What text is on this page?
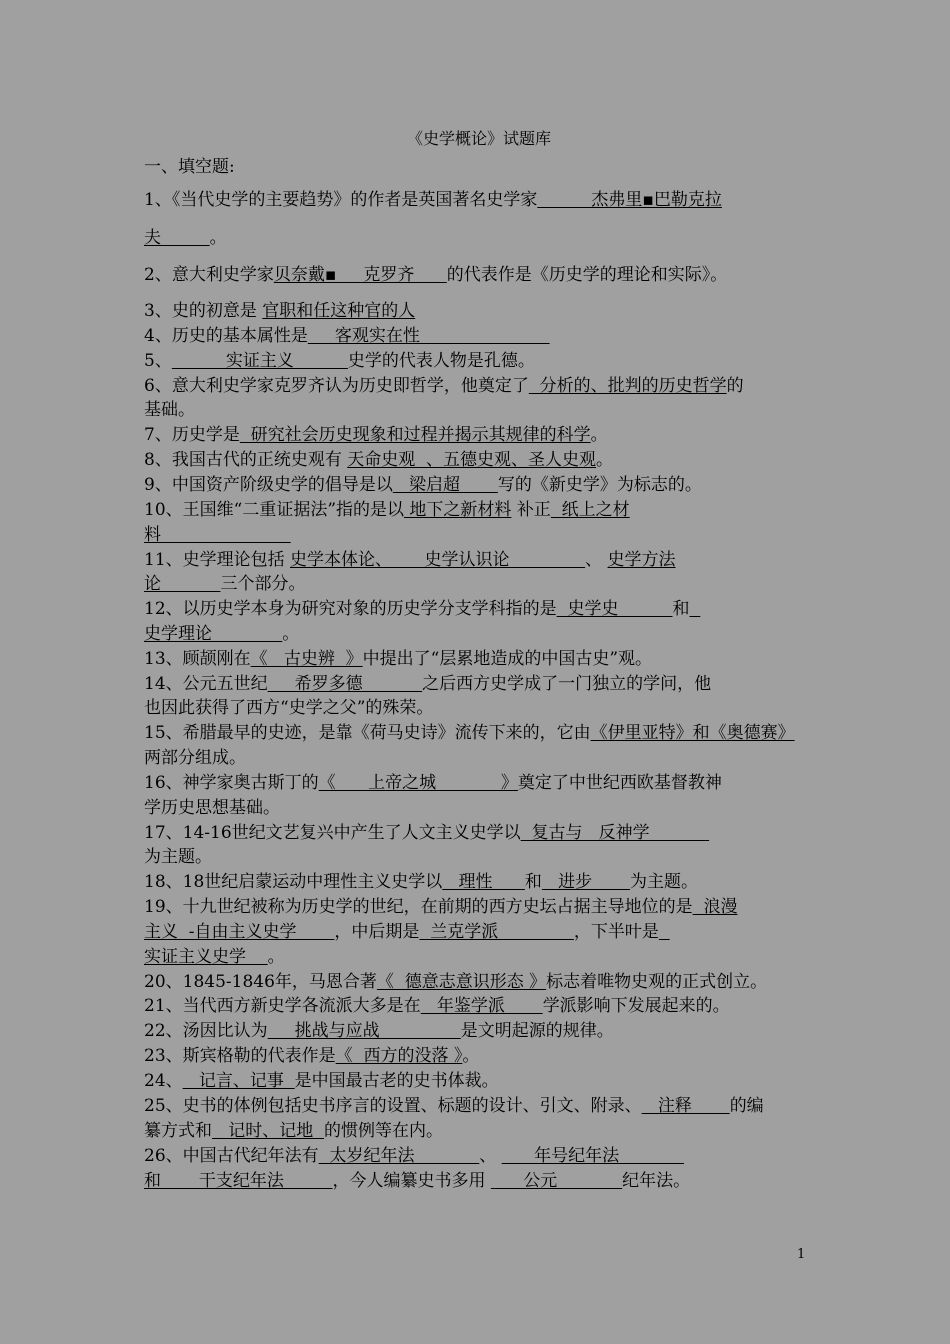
《史学概论》试题库
一、填空题:
1、《当代史学的主要趋势》的作者是英国著名史学家          杰弗里▪巴勒克拉
夫         。
2、意大利史学家贝奈戴▪     克罗齐      的代表作是《历史学的理论和实际》。
3、史的初意是 官职和任这种官的人
4、历史的基本属性是     客观实在性
5、          实证主义          史学的代表人物是孔德。
6、意大利史学家克罗齐认为历史即哲学，他奠定了  分析的、批判的历史哲学的
基础。
7、历史学是  研究社会历史现象和过程并揭示其规律的科学。
8、我国古代的正统史观有 天命史观  、五德史观、圣人史观。
9、中国资产阶级史学的倡导是以   梁启超       写的《新史学》为标志的。
10、王国维“二重证据法”指的是以 地下之新材料 补正  纸上之材
料
11、史学理论包括 史学本体论、      史学认识论              、 史学方法
论           三个部分。
12、以历史学本身为研究对象的历史学分支学科指的是  史学史          和
史学理论             。
13、顾颉刚在《   古史辨  》中提出了“层累地造成的中国古史”观。
14、公元五世纪     希罗多德           之后西方史学成了一门独立的学问，他
也因此获得了西方“史学之父”的殊荣。
15、希腊最早的史迹，是靠《荷马史诗》流传下来的，它由《伊里亚特》和《奥德赛》
两部分组成。
16、神学家奥古斯丁的《      上帝之城            》奠定了中世纪西欧基督教神
学历史思想基础。
17、14-16世纪文艺复兴中产生了人文主义史学以  复古与   反神学
为主题。
18、18世纪启蒙运动中理性主义史学以   理性      和   进步       为主题。
19、十九世纪被称为历史学的世纪，在前期的西方史坛占据主导地位的是  浪漫
主义  -自由主义史学       ，中后期是  兰克学派              ，下半叶是
实证主义史学    。
20、1845-1846年，马恩合著《  德意志意识形态 》标志着唯物史观的正式创立。
21、当代西方新史学各流派大多是在   年鉴学派       学派影响下发展起来的。
22、汤因比认为     挑战与应战               是文明起源的规律。
23、斯宾格勒的代表作是《  西方的没落 》。
24、   记言、记事  是中国最古老的史书体裁。
25、史书的体例包括史书序言的设置、标题的设计、引文、附录、   注释       的编
纂方式和   记时、记地  的惯例等在内。
26、中国古代纪年法有  太岁纪年法            、       年号纪年法
和       干支纪年法         ，今人编纂史书多用       公元            纪年法。
1
